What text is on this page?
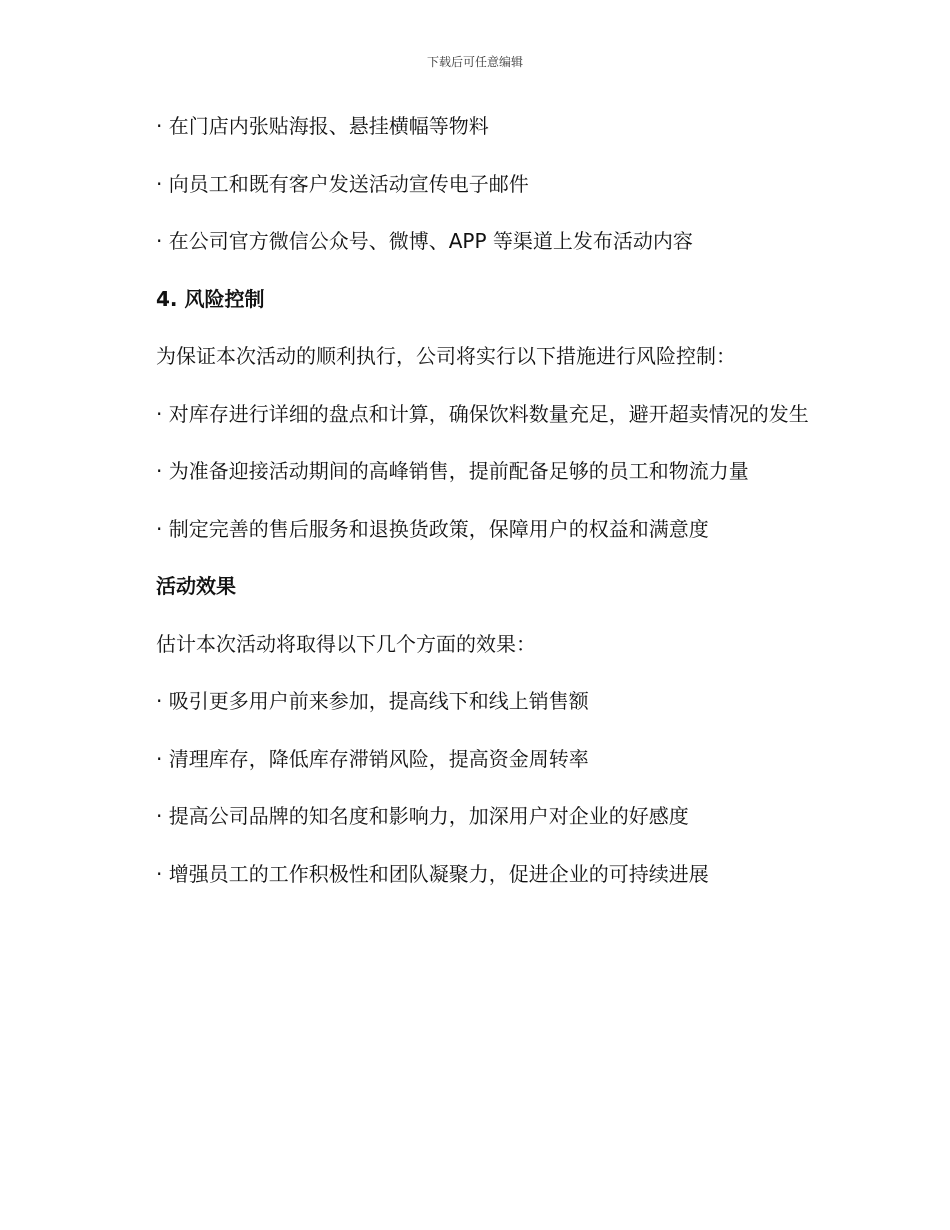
下载后可任意编辑

· 在门店内张贴海报、悬挂横幅等物料

· 向员工和既有客户发送活动宣传电子邮件

· 在公司官方微信公众号、微博、APP 等渠道上发布活动内容

4. 风险控制

为保证本次活动的顺利执行，公司将实行以下措施进行风险控制：

· 对库存进行详细的盘点和计算，确保饮料数量充足，避开超卖情况的发生

· 为准备迎接活动期间的高峰销售，提前配备足够的员工和物流力量

· 制定完善的售后服务和退换货政策，保障用户的权益和满意度

活动效果

估计本次活动将取得以下几个方面的效果：

· 吸引更多用户前来参加，提高线下和线上销售额

· 清理库存，降低库存滞销风险，提高资金周转率

· 提高公司品牌的知名度和影响力，加深用户对企业的好感度

· 增强员工的工作积极性和团队凝聚力，促进企业的可持续进展
